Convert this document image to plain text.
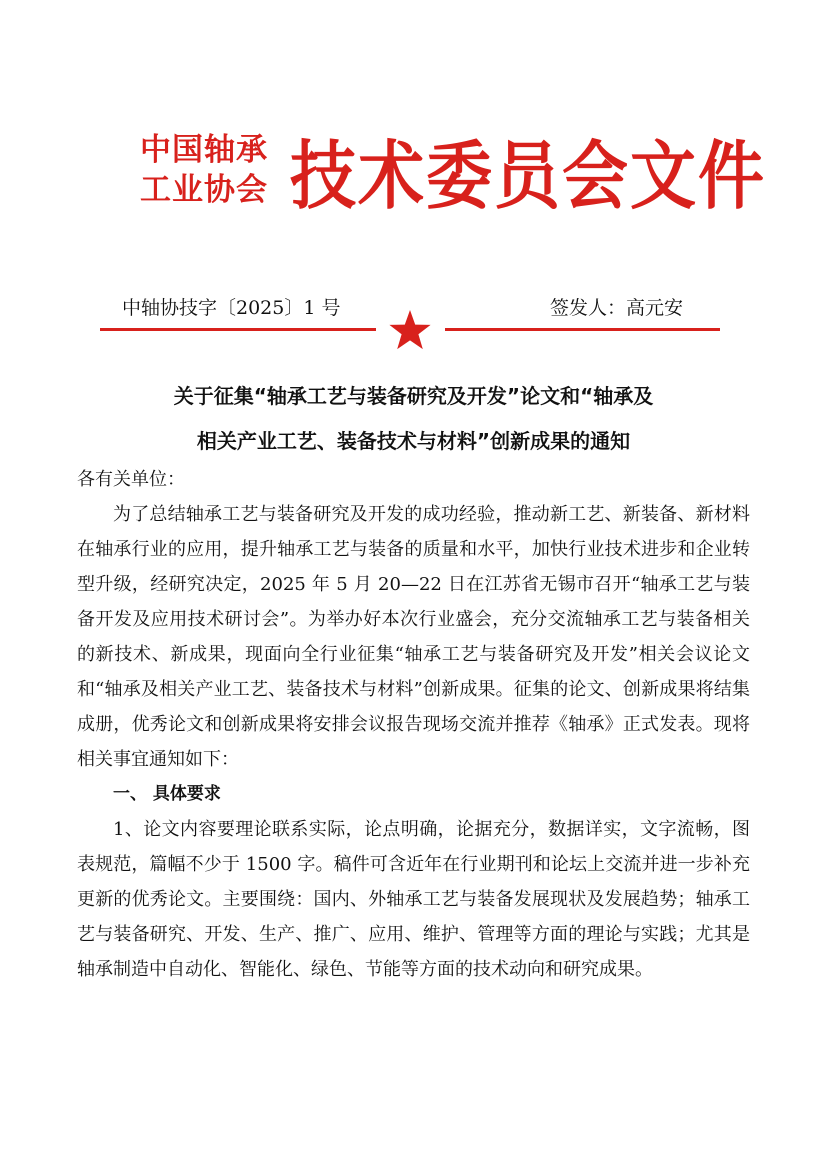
中国轴承
工业协会 技术委员会文件
中轴协技字〔2025〕1 号	签发人：高元安
关于征集“轴承工艺与装备研究及开发”论文和“轴承及
相关产业工艺、装备技术与材料”创新成果的通知

各有关单位：

为了总结轴承工艺与装备研究及开发的成功经验，推动新工艺、新装备、新材料在轴承行业的应用，提升轴承工艺与装备的质量和水平，加快行业技术进步和企业转型升级，经研究决定，2025 年 5 月 20—22 日在江苏省无锡市召开“轴承工艺与装备开发及应用技术研讨会”。为举办好本次行业盛会，充分交流轴承工艺与装备相关的新技术、新成果，现面向全行业征集“轴承工艺与装备研究及开发”相关会议论文和“轴承及相关产业工艺、装备技术与材料”创新成果。征集的论文、创新成果将结集成册，优秀论文和创新成果将安排会议报告现场交流并推荐《轴承》正式发表。现将相关事宜通知如下：

一、 具体要求

1、论文内容要理论联系实际，论点明确，论据充分，数据详实，文字流畅，图表规范，篇幅不少于 1500 字。稿件可含近年在行业期刊和论坛上交流并进一步补充更新的优秀论文。主要围绕：国内、外轴承工艺与装备发展现状及发展趋势；轴承工艺与装备研究、开发、生产、推广、应用、维护、管理等方面的理论与实践；尤其是轴承制造中自动化、智能化、绿色、节能等方面的技术动向和研究成果。
